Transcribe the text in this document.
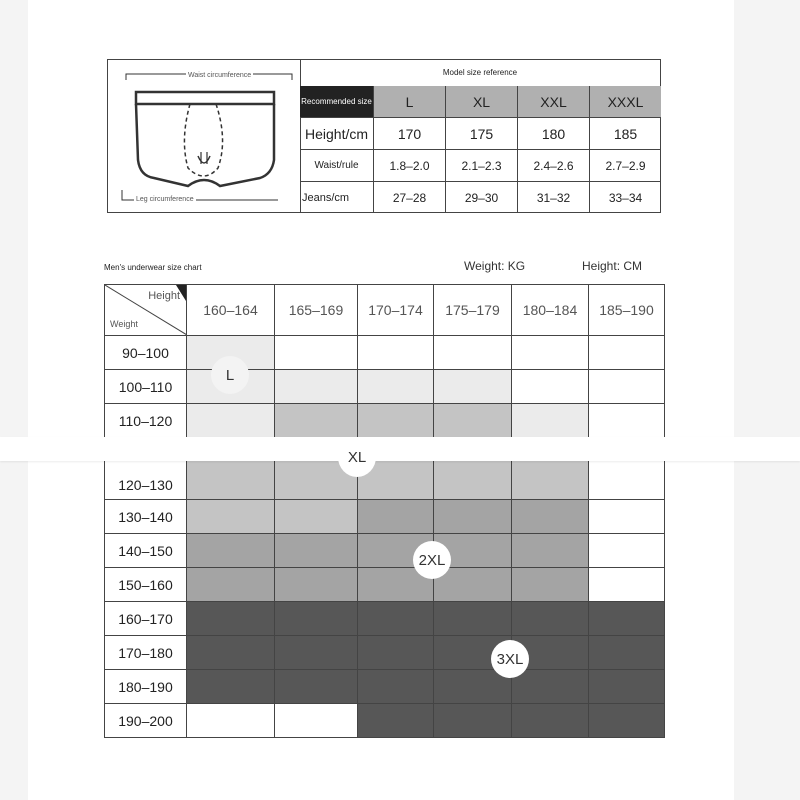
Waist circumference
Leg circumference
Model size reference
Recommended size	L	XL	XXL	XXXL
Height/cm	170	175	180	185
Waist/rule	1.8–2.0	2.1–2.3	2.4–2.6	2.7–2.9
Jeans/cm	27–28	29–30	31–32	33–34
Men's underwear size chart	Weight: KG	Height: CM
Height
Weight	160–164	165–169	170–174	175–179	180–184	185–190
90–100						
100–110						
110–120						
120–130						
130–140						
140–150						
150–160						
160–170						
170–180						
180–190						
190–200						
L
XL
2XL
3XL
